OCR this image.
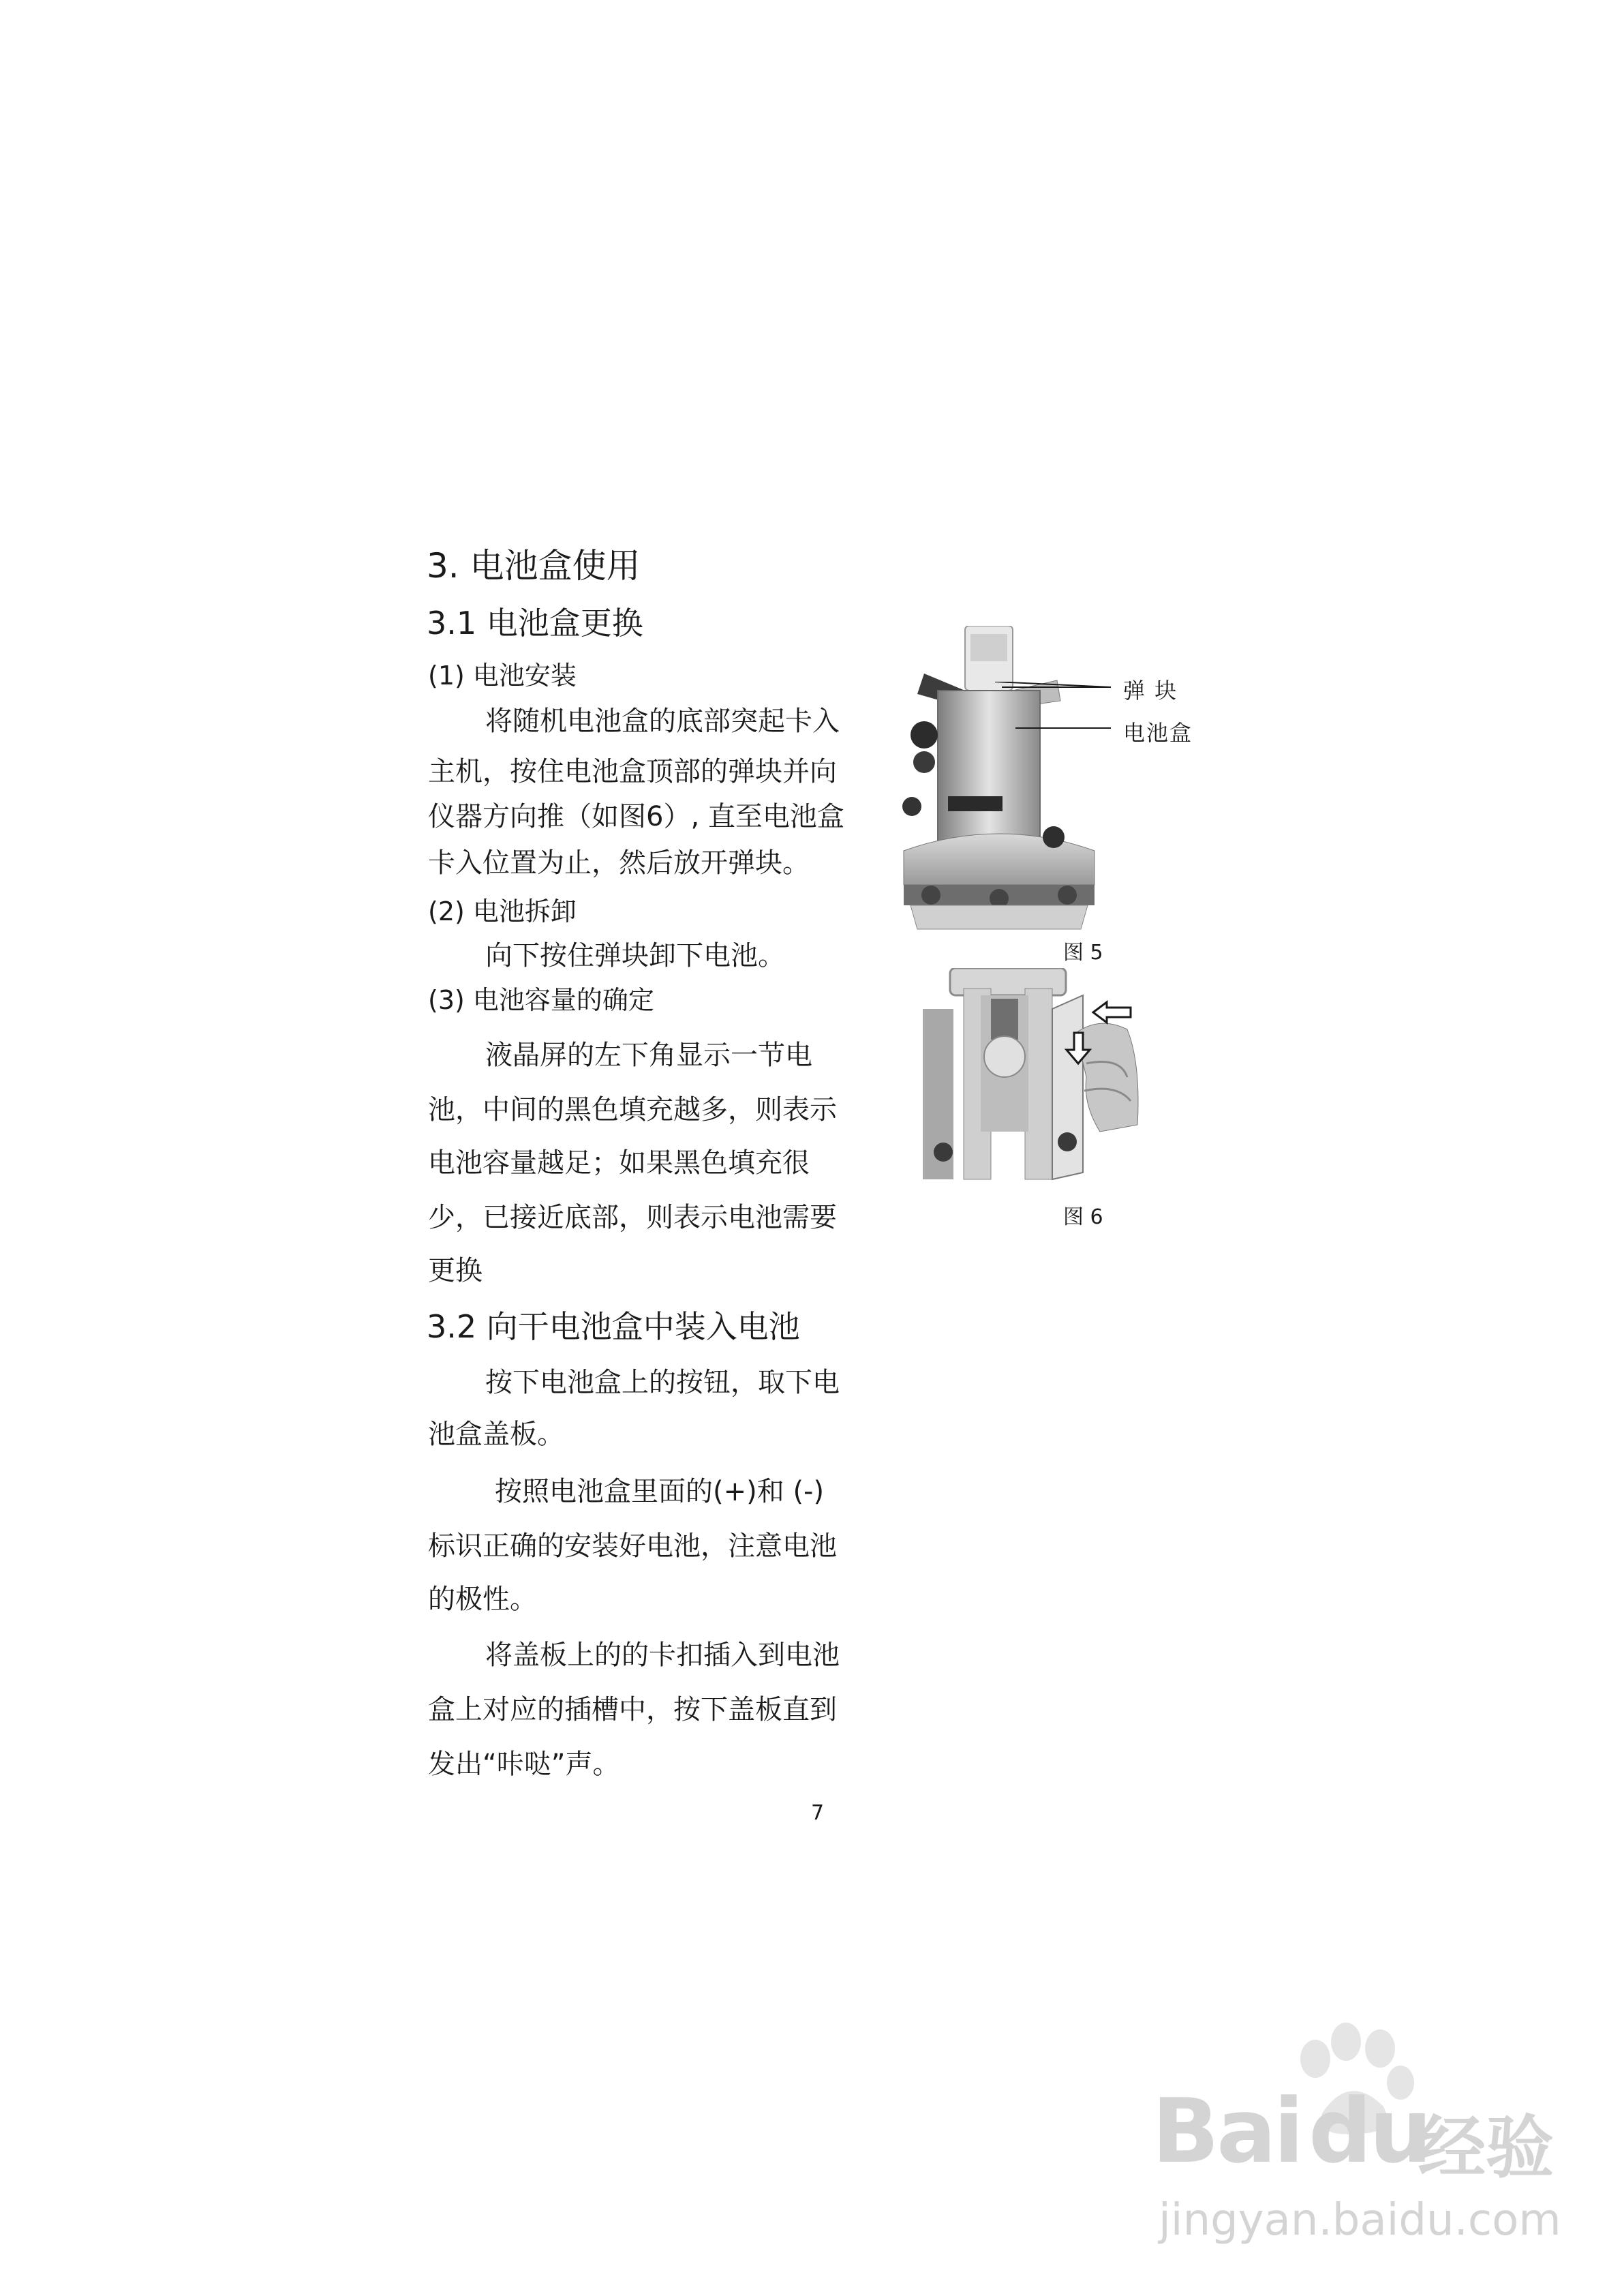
3. 电池盒使用
3.1 电池盒更换
(1) 电池安装
将随机电池盒的底部突起卡入
主机，按住电池盒顶部的弹块并向
仪器方向推（如图6）, 直至电池盒
卡入位置为止，然后放开弹块。
(2) 电池拆卸
向下按住弹块卸下电池。
(3) 电池容量的确定
液晶屏的左下角显示一节电
池，中间的黑色填充越多，则表示
电池容量越足；如果黑色填充很
少，已接近底部，则表示电池需要
更换
3.2 向干电池盒中装入电池
按下电池盒上的按钮，取下电
池盒盖板。
按照电池盒里面的(+)和 (-)
标识正确的安装好电池，注意电池
的极性。
将盖板上的的卡扣插入到电池
盒上对应的插槽中，按下盖板直到
发出“咔哒”声。
弹 块
电池盒
图 5
图 6
7
Bai du
经验
jingyan.baidu.com
